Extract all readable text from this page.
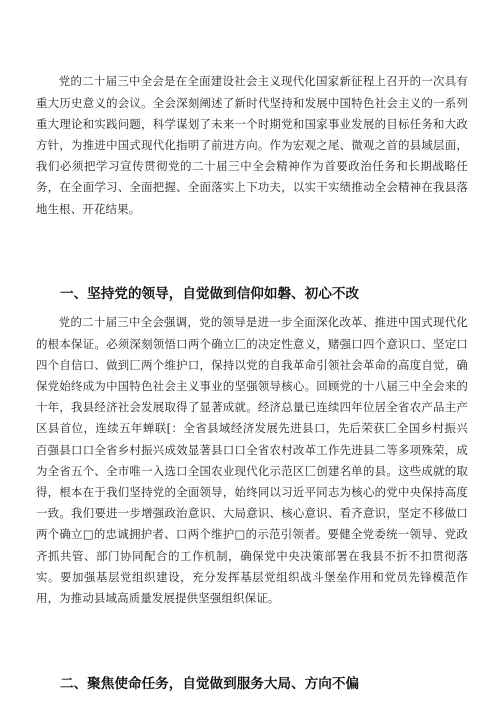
党的二十届三中全会是在全面建设社会主义现代化国家新征程上召开的一次具有重大历史意义的会议。全会深刻阐述了新时代坚持和发展中国特色社会主义的一系列重大理论和实践问题，科学谋划了未来一个时期党和国家事业发展的目标任务和大政方针，为推进中国式现代化指明了前进方向。作为宏观之尾、微观之首的县域层面，我们必须把学习宣传贯彻党的二十届三中全会精神作为首要政治任务和长期战略任务，在全面学习、全面把握、全面落实上下功夫，以实干实绩推动全会精神在我县落地生根、开花结果。

一、坚持党的领导，自觉做到信仰如磐、初心不改

党的二十届三中全会强调，党的领导是进一步全面深化改革、推进中国式现代化的根本保证。必须深刻领悟口两个确立匚的决定性意义，赌强口四个意识口、坚定口四个自信口、做到匚两个维护口，保持以党的自我革命引领社会革命的高度自觉，确保党始终成为中国特色社会主义事业的坚强领导核心。回顾党的十八届三中全会来的十年，我县经济社会发展取得了显著成就。经济总量已连续四年位居全省农产品主产区县首位，连续五年蝉联[：全省县域经济发展先进县口，先后荣获匚全国乡村振兴百强县口口全省乡村振兴成效显著县口口全省农村改革工作先进县二等多项殊荣，成为全省五个、全市唯一入选口全国农业现代化示范区匚创建名单的县。这些成就的取得，根本在于我们坚持党的全面领导，始终同以习近平同志为核心的党中央保持高度一致。我们要进一步增强政治意识、大局意识、核心意识、看齐意识，坚定不移做口两个确立□的忠诚拥护者、口两个维护□的示范引领者。要健全党委统一领导、党政齐抓共管、部门协同配合的工作机制，确保党中央决策部署在我县不折不扣贯彻落实。要加强基层党组织建设，充分发挥基层党组织战斗堡垒作用和党员先锋模范作用，为推动县域高质量发展提供坚强组织保证。

二、聚焦使命任务，自觉做到服务大局、方向不偏
